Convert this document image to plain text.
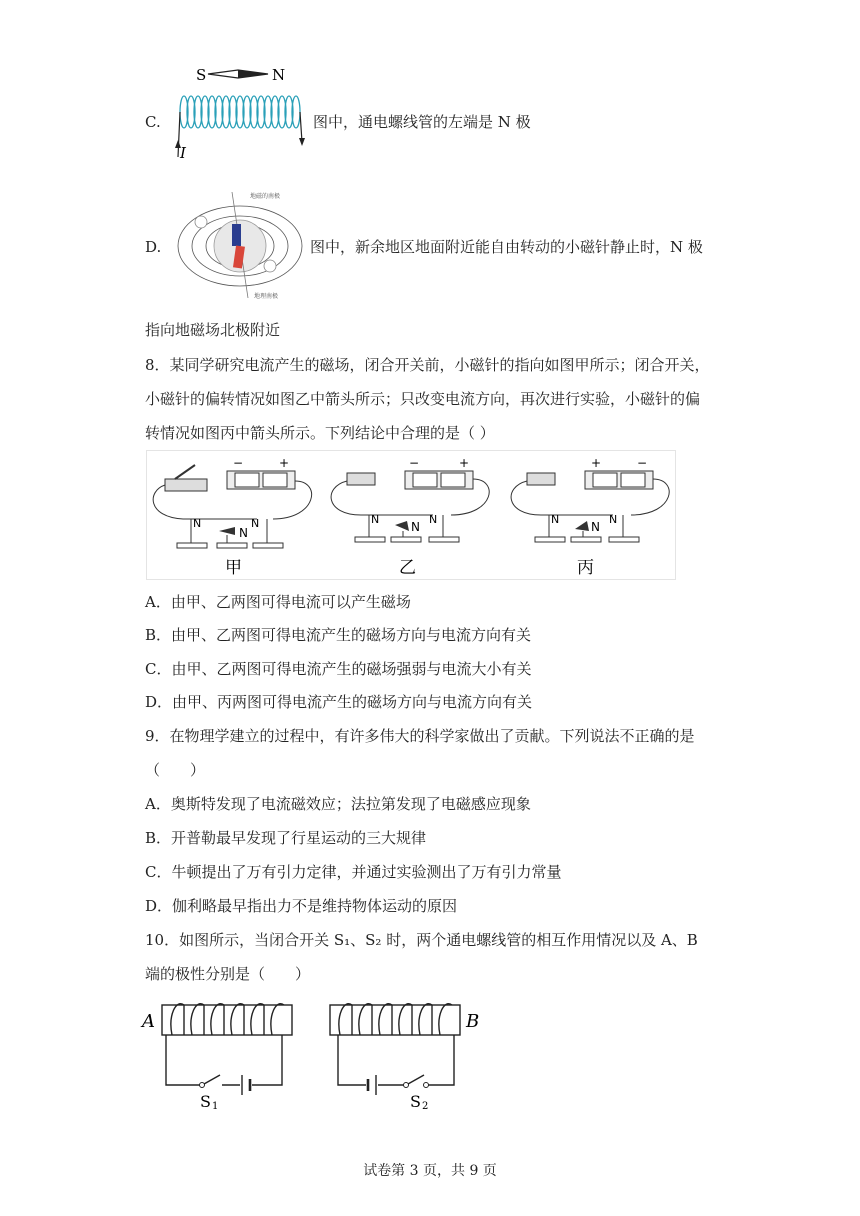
C.
S	N
I
图中，通电螺线管的左端是 N 极
D.
地磁的南极
地理南极
图中，新余地区地面附近能自由转动的小磁针静止时，N 极
指向地磁场北极附近
8．某同学研究电流产生的磁场，闭合开关前，小磁针的指向如图甲所示；闭合开关，
小磁针的偏转情况如图乙中箭头所示；只改变电流方向，再次进行实验，小磁针的偏
转情况如图丙中箭头所示。下列结论中合理的是（ ）
−	+
N	N
N
甲
−	+
N	N
N
乙
+	−
N	N
N
丙
A．由甲、乙两图可得电流可以产生磁场
B．由甲、乙两图可得电流产生的磁场方向与电流方向有关
C．由甲、乙两图可得电流产生的磁场强弱与电流大小有关
D．由甲、丙两图可得电流产生的磁场方向与电流方向有关
9．在物理学建立的过程中，有许多伟大的科学家做出了贡献。下列说法不正确的是
（　　）
A．奥斯特发现了电流磁效应；法拉第发现了电磁感应现象
B．开普勒最早发现了行星运动的三大规律
C．牛顿提出了万有引力定律，并通过实验测出了万有引力常量
D．伽利略最早指出力不是维持物体运动的原因
10．如图所示，当闭合开关 S₁、S₂ 时，两个通电螺线管的相互作用情况以及 A、B
端的极性分别是（　　）
A
S 1
B
S 2
试卷第 3 页，共 9 页
